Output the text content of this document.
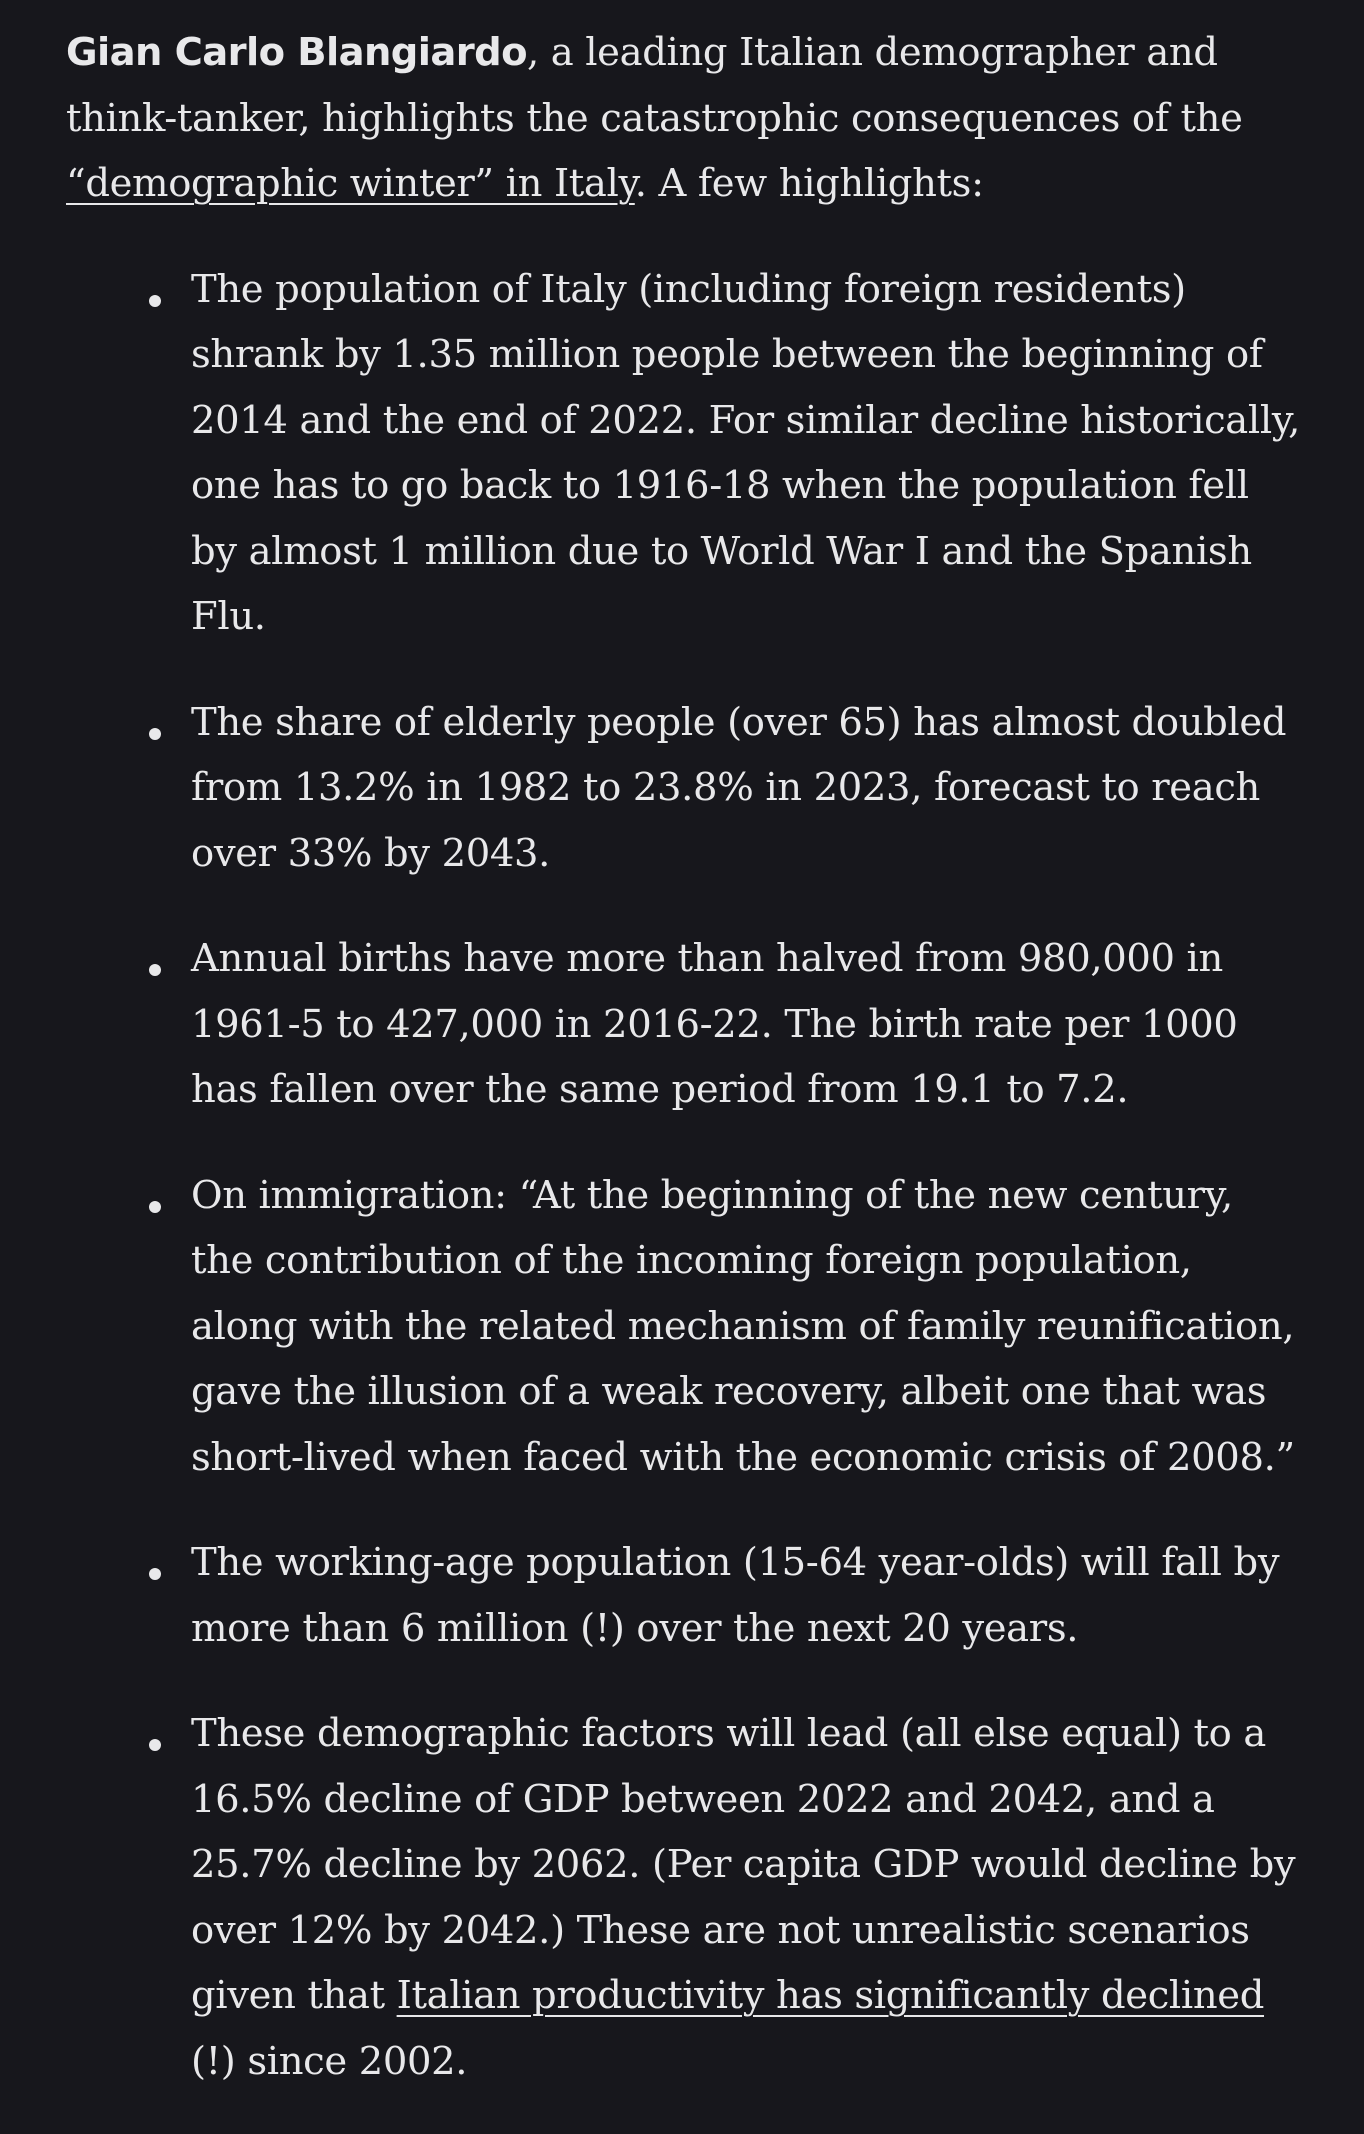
Gian Carlo Blangiardo, a leading Italian demographer and think-tanker, highlights the catastrophic consequences of the “demographic winter” in Italy. A few highlights:

The population of Italy (including foreign residents) shrank by 1.35 million people between the beginning of 2014 and the end of 2022. For similar decline historically, one has to go back to 1916-18 when the population fell by almost 1 million due to World War I and the Spanish Flu.
The share of elderly people (over 65) has almost doubled from 13.2% in 1982 to 23.8% in 2023, forecast to reach over 33% by 2043.
Annual births have more than halved from 980,000 in 1961-5 to 427,000 in 2016-22. The birth rate per 1000 has fallen over the same period from 19.1 to 7.2.
On immigration: “At the beginning of the new century, the contribution of the incoming foreign population, along with the related mechanism of family reunification, gave the illusion of a weak recovery, albeit one that was short-lived when faced with the economic crisis of 2008.”
The working-age population (15-64 year-olds) will fall by more than 6 million (!) over the next 20 years.
These demographic factors will lead (all else equal) to a 16.5% decline of GDP between 2022 and 2042, and a 25.7% decline by 2062. (Per capita GDP would decline by over 12% by 2042.) These are not unrealistic scenarios given that Italian productivity has significantly declined (!) since 2002.
